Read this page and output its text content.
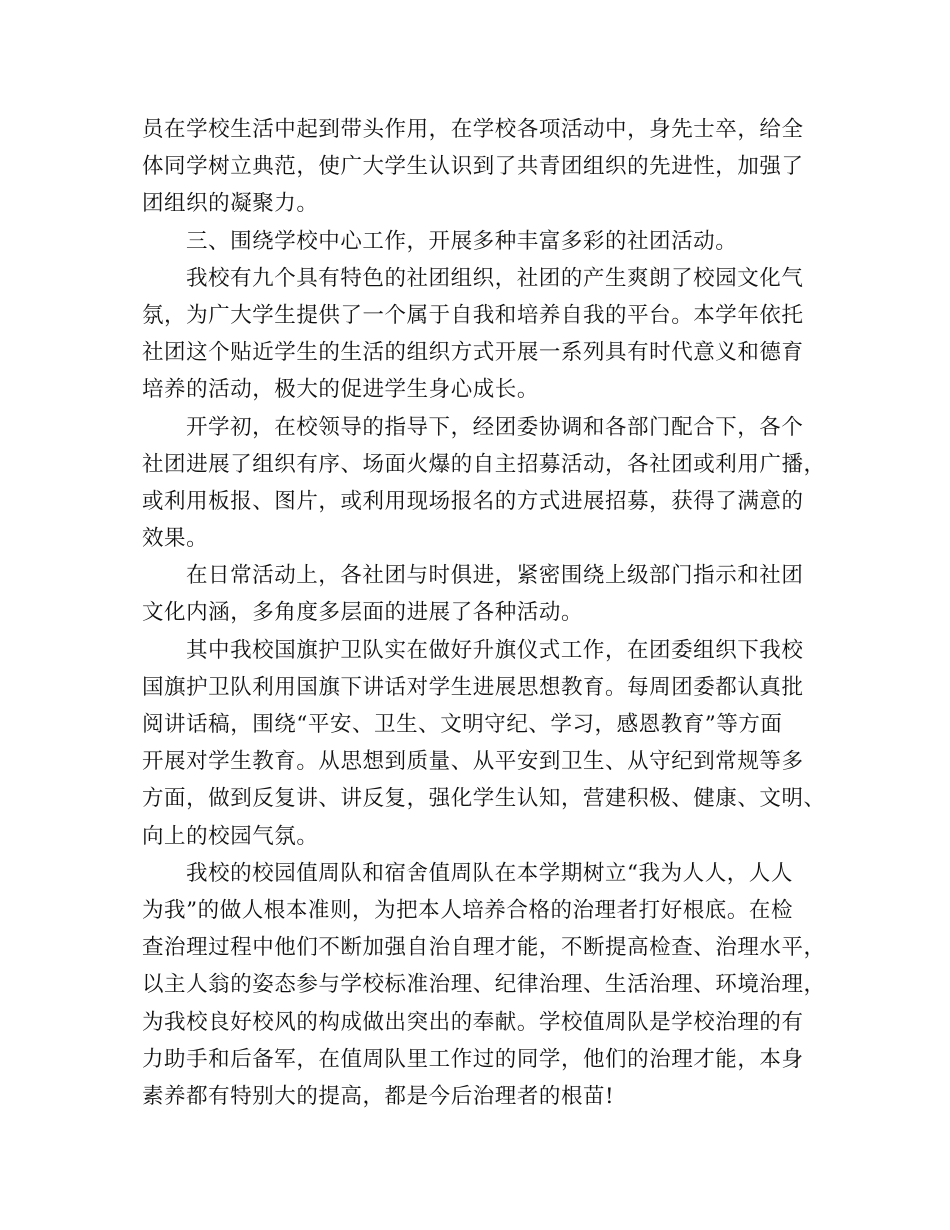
员在学校生活中起到带头作用，在学校各项活动中，身先士卒，给全
体同学树立典范，使广大学生认识到了共青团组织的先进性，加强了
团组织的凝聚力。
三、围绕学校中心工作，开展多种丰富多彩的社团活动。
我校有九个具有特色的社团组织，社团的产生爽朗了校园文化气
氛，为广大学生提供了一个属于自我和培养自我的平台。本学年依托
社团这个贴近学生的生活的组织方式开展一系列具有时代意义和德育
培养的活动，极大的促进学生身心成长。
开学初，在校领导的指导下，经团委协调和各部门配合下，各个
社团进展了组织有序、场面火爆的自主招募活动，各社团或利用广播，
或利用板报、图片，或利用现场报名的方式进展招募，获得了满意的
效果。
在日常活动上，各社团与时俱进，紧密围绕上级部门指示和社团
文化内涵，多角度多层面的进展了各种活动。
其中我校国旗护卫队实在做好升旗仪式工作，在团委组织下我校
国旗护卫队利用国旗下讲话对学生进展思想教育。每周团委都认真批
阅讲话稿，围绕“平安、卫生、文明守纪、学习，感恩教育”等方面
开展对学生教育。从思想到质量、从平安到卫生、从守纪到常规等多
方面，做到反复讲、讲反复，强化学生认知，营建积极、健康、文明、
向上的校园气氛。
我校的校园值周队和宿舍值周队在本学期树立“我为人人，人人
为我”的做人根本准则，为把本人培养合格的治理者打好根底。在检
查治理过程中他们不断加强自治自理才能，不断提高检查、治理水平，
以主人翁的姿态参与学校标准治理、纪律治理、生活治理、环境治理，
为我校良好校风的构成做出突出的奉献。学校值周队是学校治理的有
力助手和后备军，在值周队里工作过的同学，他们的治理才能，本身
素养都有特别大的提高，都是今后治理者的根苗!
